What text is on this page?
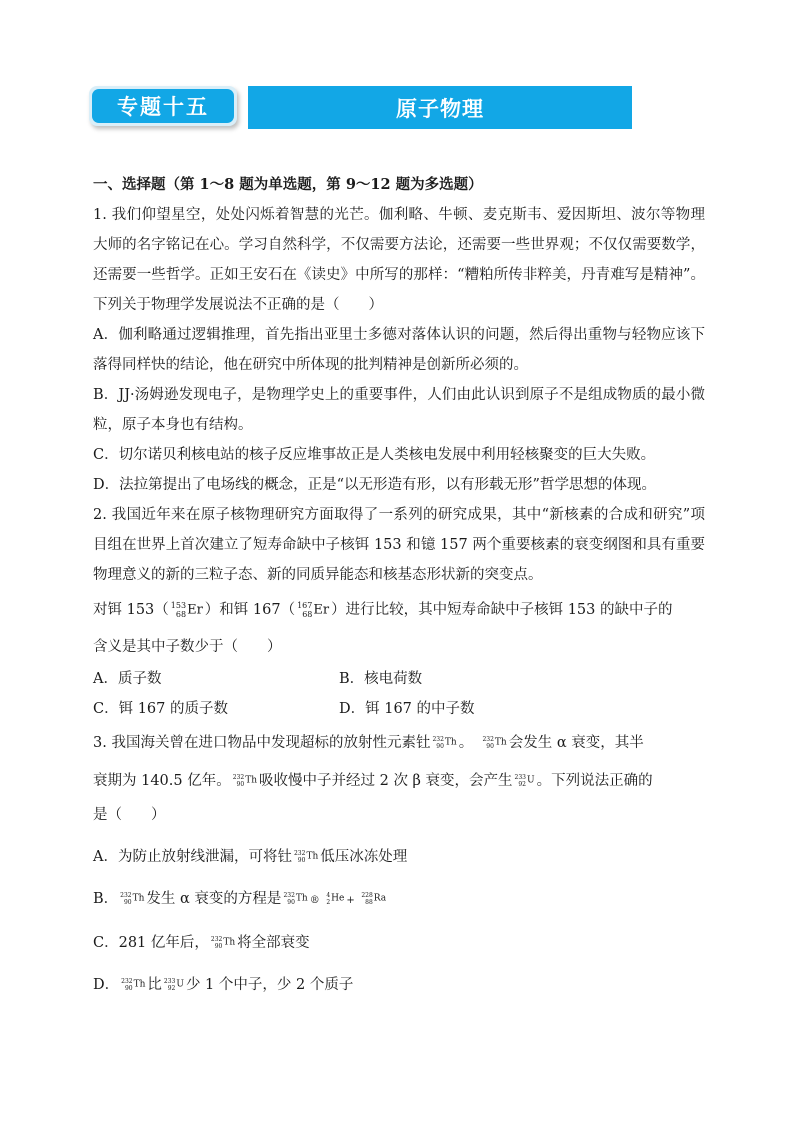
专题十五	原子物理

一、选择题（第 1～8 题为单选题，第 9～12 题为多选题）

1. 我们仰望星空，处处闪烁着智慧的光芒。伽利略、牛顿、麦克斯韦、爱因斯坦、波尔等物理大师的名字铭记在心。学习自然科学，不仅需要方法论，还需要一些世界观；不仅仅需要数学，还需要一些哲学。正如王安石在《读史》中所写的那样：“糟粕所传非粹美，丹青难写是精神”。下列关于物理学发展说法不正确的是（　　）

A．伽利略通过逻辑推理，首先指出亚里士多德对落体认识的问题，然后得出重物与轻物应该下落得同样快的结论，他在研究中所体现的批判精神是创新所必须的。

B．JJ·汤姆逊发现电子，是物理学史上的重要事件，人们由此认识到原子不是组成物质的最小微粒，原子本身也有结构。

C．切尔诺贝利核电站的核子反应堆事故正是人类核电发展中利用轻核聚变的巨大失败。

D．法拉第提出了电场线的概念，正是“以无形造有形，以有形载无形”哲学思想的体现。

2. 我国近年来在原子核物理研究方面取得了一系列的研究成果，其中“新核素的合成和研究”项目组在世界上首次建立了短寿命缺中子核铒 153 和镱 157 两个重要核素的衰变纲图和具有重要物理意义的新的三粒子态、新的同质异能态和核基态形状新的突变点。

对铒 153（ 153
68 Er ）和铒 167（ 167
68 Er ）进行比较，其中短寿命缺中子核铒 153 的缺中子的

含义是其中子数少于（　　）

A．质子数	B．核电荷数

C．铒 167 的质子数	D．铒 167 的中子数

3. 我国海关曾在进口物品中发现超标的放射性元素钍 232
90 Th 。　	232
90 Th 会发生 α 衰变，其半

衰期为 140.5 亿年。 232
90 Th 吸收慢中子并经过 2 次 β 衰变，会产生 233
92 U 。下列说法正确的

是（　　）

A．为防止放射线泄漏，可将钍 232
90 Th 低压冰冻处理

B． 232
90 Th 发生 α 衰变的方程是 232
90 Th ® 4
2 He + 228
88 Ra

C．281 亿年后， 232
90 Th 将全部衰变

D． 232
90 Th 比 233
92 U 少 1 个中子，少 2 个质子
